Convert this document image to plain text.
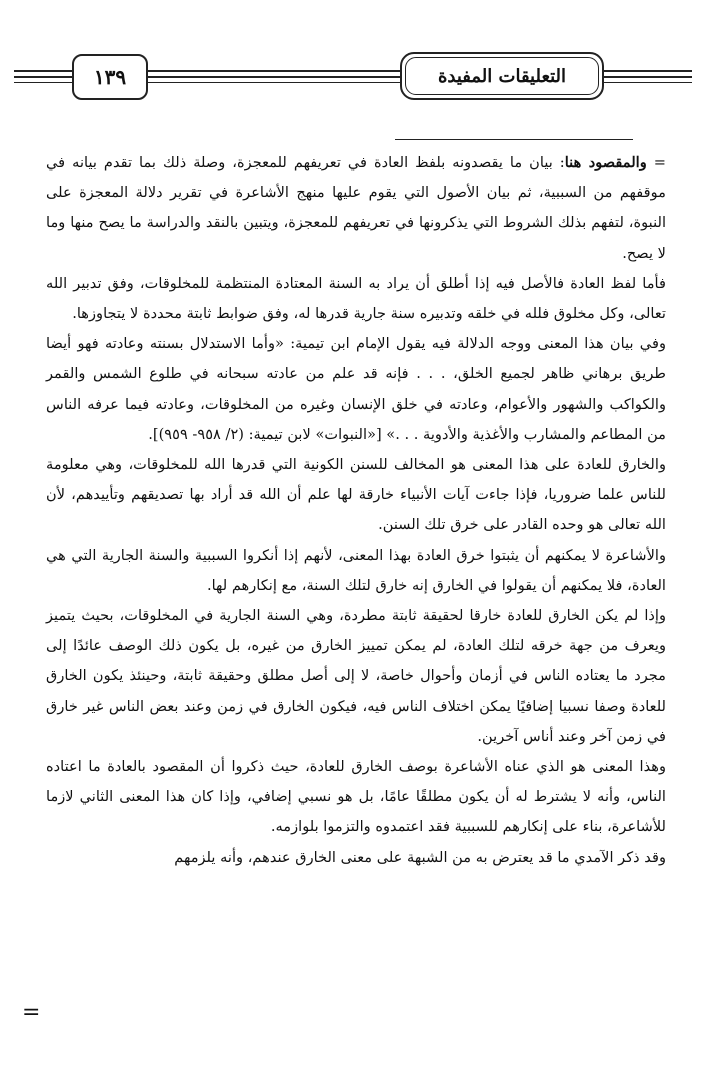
١٣٩	التعليقات المفيدة

= والمقصود هنا: بيان ما يقصدونه بلفظ العادة في تعريفهم للمعجزة، وصلة ذلك بما تقدم بيانه في موقفهم من السببية، ثم بيان الأصول التي يقوم عليها منهج الأشاعرة في تقرير دلالة المعجزة على النبوة، لتفهم بذلك الشروط التي يذكرونها في تعريفهم للمعجزة، ويتبين بالنقد والدراسة ما يصح منها وما لا يصح.

فأما لفظ العادة فالأصل فيه إذا أطلق أن يراد به السنة المعتادة المنتظمة للمخلوقات، وفق تدبير الله تعالى، وكل مخلوق فلله في خلقه وتدبيره سنة جارية قدرها له، وفق ضوابط ثابتة محددة لا يتجاوزها.

وفي بيان هذا المعنى ووجه الدلالة فيه يقول الإمام ابن تيمية: «وأما الاستدلال بسنته وعادته فهو أيضا طريق برهاني ظاهر لجميع الخلق، . . . فإنه قد علم من عادته سبحانه في طلوع الشمس والقمر والكواكب والشهور والأعوام، وعادته في خلق الإنسان وغيره من المخلوقات، وعادته فيما عرفه الناس من المطاعم والمشارب والأغذية والأدوية . . .» [«النبوات» لابن تيمية: (٢/ ٩٥٨- ٩٥٩)].

والخارق للعادة على هذا المعنى هو المخالف للسنن الكونية التي قدرها الله للمخلوقات، وهي معلومة للناس علما ضروريا، فإذا جاءت آيات الأنبياء خارقة لها علم أن الله قد أراد بها تصديقهم وتأييدهم، لأن الله تعالى هو وحده القادر على خرق تلك السنن.

والأشاعرة لا يمكنهم أن يثبتوا خرق العادة بهذا المعنى، لأنهم إذا أنكروا السببية والسنة الجارية التي هي العادة، فلا يمكنهم أن يقولوا في الخارق إنه خارق لتلك السنة، مع إنكارهم لها.

وإذا لم يكن الخارق للعادة خارقا لحقيقة ثابتة مطردة، وهي السنة الجارية في المخلوقات، بحيث يتميز ويعرف من جهة خرقه لتلك العادة، لم يمكن تمييز الخارق من غيره، بل يكون ذلك الوصف عائدًا إلى مجرد ما يعتاده الناس في أزمان وأحوال خاصة، لا إلى أصل مطلق وحقيقة ثابتة، وحينئذ يكون الخارق للعادة وصفا نسبيا إضافيًا يمكن اختلاف الناس فيه، فيكون الخارق في زمن وعند بعض الناس غير خارق في زمن آخر وعند أناس آخرين.

وهذا المعنى هو الذي عناه الأشاعرة بوصف الخارق للعادة، حيث ذكروا أن المقصود بالعادة ما اعتاده الناس، وأنه لا يشترط له أن يكون مطلقًا عامًا، بل هو نسبي إضافي، وإذا كان هذا المعنى الثاني لازما للأشاعرة، بناء على إنكارهم للسببية فقد اعتمدوه والتزموا بلوازمه.

وقد ذكر الآمدي ما قد يعترض به من الشبهة على معنى الخارق عندهم، وأنه يلزمهم

=
